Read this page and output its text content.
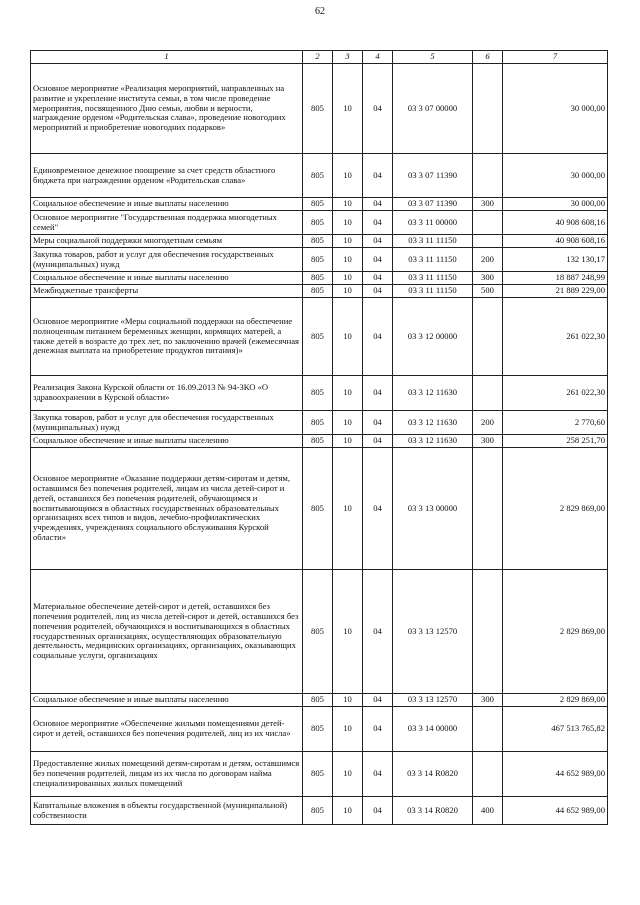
62
1	2	3	4	5	6	7
Основное мероприятие «Реализация мероприятий, направленных на развитие и укрепление института семьи, в том числе проведение мероприятия, посвященного Дню семьи, любви и верности, награждение орденом «Родительская слава», проведение новогодних мероприятий и приобретение новогодних подарков»	805	10	04	03 3 07 00000		30 000,00
Единовременное денежное поощрение за счет средств областного бюджета при награждении орденом «Родительская слава»	805	10	04	03 3 07 11390		30 000,00
Социальное обеспечение и иные выплаты населению	805	10	04	03 3 07 11390	300	30 000,00
Основное мероприятие "Государственная поддержка многодетных семей"	805	10	04	03 3 11 00000		40 908 608,16
Меры социальной поддержки многодетным семьям	805	10	04	03 3 11 11150		40 908 608,16
Закупка товаров, работ и услуг для обеспечения государственных (муниципальных) нужд	805	10	04	03 3 11 11150	200	132 130,17
Социальное обеспечение и иные выплаты населению	805	10	04	03 3 11 11150	300	18 887 248,99
Межбюджетные трансферты	805	10	04	03 3 11 11150	500	21 889 229,00
Основное мероприятие «Меры социальной поддержки на обеспечение полноценным питанием беременных женщин, кормящих матерей, а также детей в возрасте до трех лет, по заключению врачей (ежемесячная денежная выплата на приобретение продуктов питания)»	805	10	04	03 3 12 00000		261 022,30
Реализация Закона Курской области от 16.09.2013 № 94-ЗКО «О здравоохранении в Курской области»	805	10	04	03 3 12 11630		261 022,30
Закупка товаров, работ и услуг для обеспечения государственных (муниципальных) нужд	805	10	04	03 3 12 11630	200	2 770,60
Социальное обеспечение и иные выплаты населению	805	10	04	03 3 12 11630	300	258 251,70
Основное мероприятие «Оказание поддержки детям-сиротам и детям, оставшимся без попечения родителей, лицам из числа детей-сирот и детей, оставшихся без попечения родителей, обучающимся и воспитывающимся в областных государственных образовательных организациях всех типов и видов, лечебно-профилактических учреждениях, учреждениях социального обслуживания Курской области»	805	10	04	03 3 13 00000		2 829 869,00
Материальное обеспечение детей-сирот и детей, оставшихся без попечения родителей, лиц из числа детей-сирот и детей, оставшихся без попечения родителей, обучающихся и воспитывающихся в областных государственных организациях, осуществляющих образовательную деятельность, медицинских организациях, организациях, оказывающих социальные услуги, организациях	805	10	04	03 3 13 12570		2 829 869,00
Социальное обеспечение и иные выплаты населению	805	10	04	03 3 13 12570	300	2 829 869,00
Основное мероприятие «Обеспечение жилыми помещениями детей-сирот и детей, оставшихся без попечения родителей, лиц из их числа»	805	10	04	03 3 14 00000		467 513 765,82
Предоставление жилых помещений детям-сиротам и детям, оставшимся без попечения родителей, лицам из их числа по договорам найма специализированных жилых помещений	805	10	04	03 3 14 R0820		44 652 989,00
Капитальные вложения в объекты государственной (муниципальной) собственности	805	10	04	03 3 14 R0820	400	44 652 989,00
